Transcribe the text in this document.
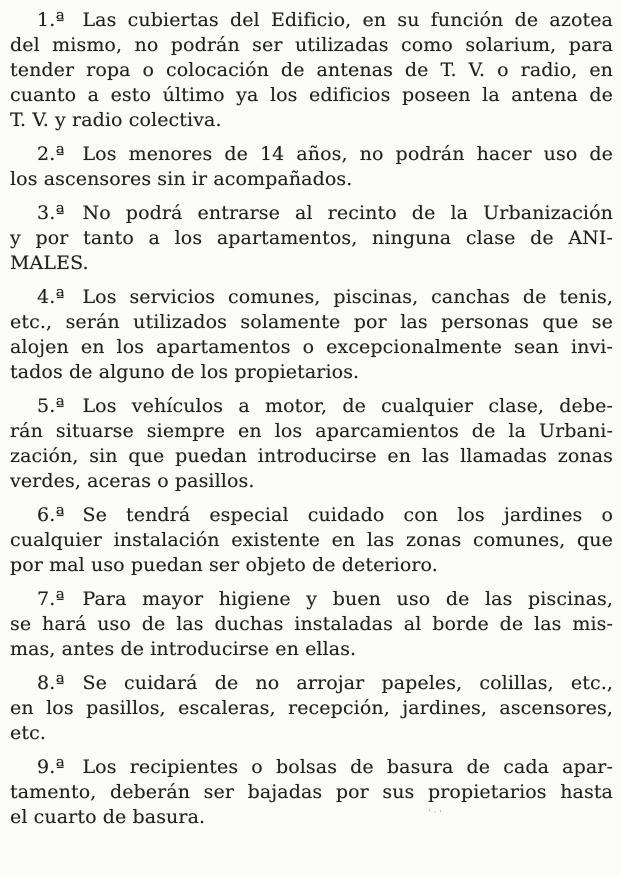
1.ª Las cubiertas del Edificio, en su función de azotea
del mismo, no podrán ser utilizadas como solarium, para
tender ropa o colocación de antenas de T. V. o radio, en
cuanto a esto último ya los edificios poseen la antena de
T. V. y radio colectiva.

2.ª Los menores de 14 años, no podrán hacer uso de
los ascensores sin ir acompañados.

3.ª No podrá entrarse al recinto de la Urbanización
y por tanto a los apartamentos, ninguna clase de ANI-
MALES.

4.ª Los servicios comunes, piscinas, canchas de tenis,
etc., serán utilizados solamente por las personas que se
alojen en los apartamentos o excepcionalmente sean invi-
tados de alguno de los propietarios.

5.ª Los vehículos a motor, de cualquier clase, debe-
rán situarse siempre en los aparcamientos de la Urbani-
zación, sin que puedan introducirse en las llamadas zonas
verdes, aceras o pasillos.

6.ª Se tendrá especial cuidado con los jardines o
cualquier instalación existente en las zonas comunes, que
por mal uso puedan ser objeto de deterioro.

7.ª Para mayor higiene y buen uso de las piscinas,
se hará uso de las duchas instaladas al borde de las mis-
mas, antes de introducirse en ellas.

8.ª Se cuidará de no arrojar papeles, colillas, etc.,
en los pasillos, escaleras, recepción, jardines, ascensores,
etc.

9.ª Los recipientes o bolsas de basura de cada apar-
tamento, deberán ser bajadas por sus propietarios hasta
el cuarto de basura.	ʼ·˒
